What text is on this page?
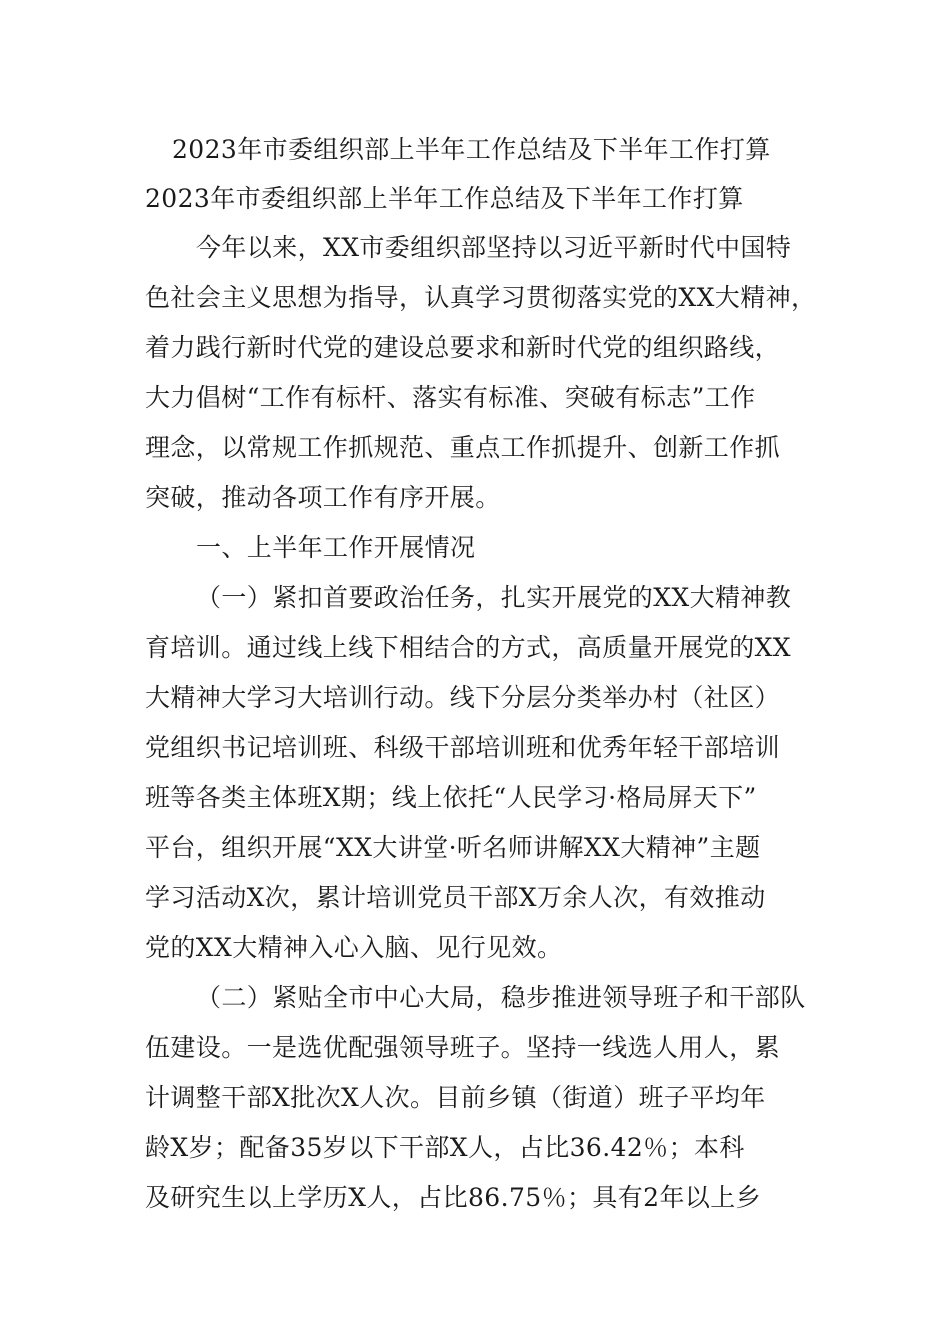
2023年市委组织部上半年工作总结及下半年工作打算
2023年市委组织部上半年工作总结及下半年工作打算
今年以来，XX市委组织部坚持以习近平新时代中国特
色社会主义思想为指导，认真学习贯彻落实党的XX大精神，
着力践行新时代党的建设总要求和新时代党的组织路线，
大力倡树“工作有标杆、落实有标准、突破有标志”工作
理念，以常规工作抓规范、重点工作抓提升、创新工作抓
突破，推动各项工作有序开展。
一、上半年工作开展情况
（一）紧扣首要政治任务，扎实开展党的XX大精神教
育培训。通过线上线下相结合的方式，高质量开展党的XX
大精神大学习大培训行动。线下分层分类举办村（社区）
党组织书记培训班、科级干部培训班和优秀年轻干部培训
班等各类主体班X期；线上依托“人民学习·格局屏天下”
平台，组织开展“XX大讲堂·听名师讲解XX大精神”主题
学习活动X次，累计培训党员干部X万余人次，有效推动
党的XX大精神入心入脑、见行见效。
（二）紧贴全市中心大局，稳步推进领导班子和干部队
伍建设。一是选优配强领导班子。坚持一线选人用人，累
计调整干部X批次X人次。目前乡镇（街道）班子平均年
龄X岁；配备35岁以下干部X人，占比36.42％；本科
及研究生以上学历X人，占比86.75％；具有2年以上乡
